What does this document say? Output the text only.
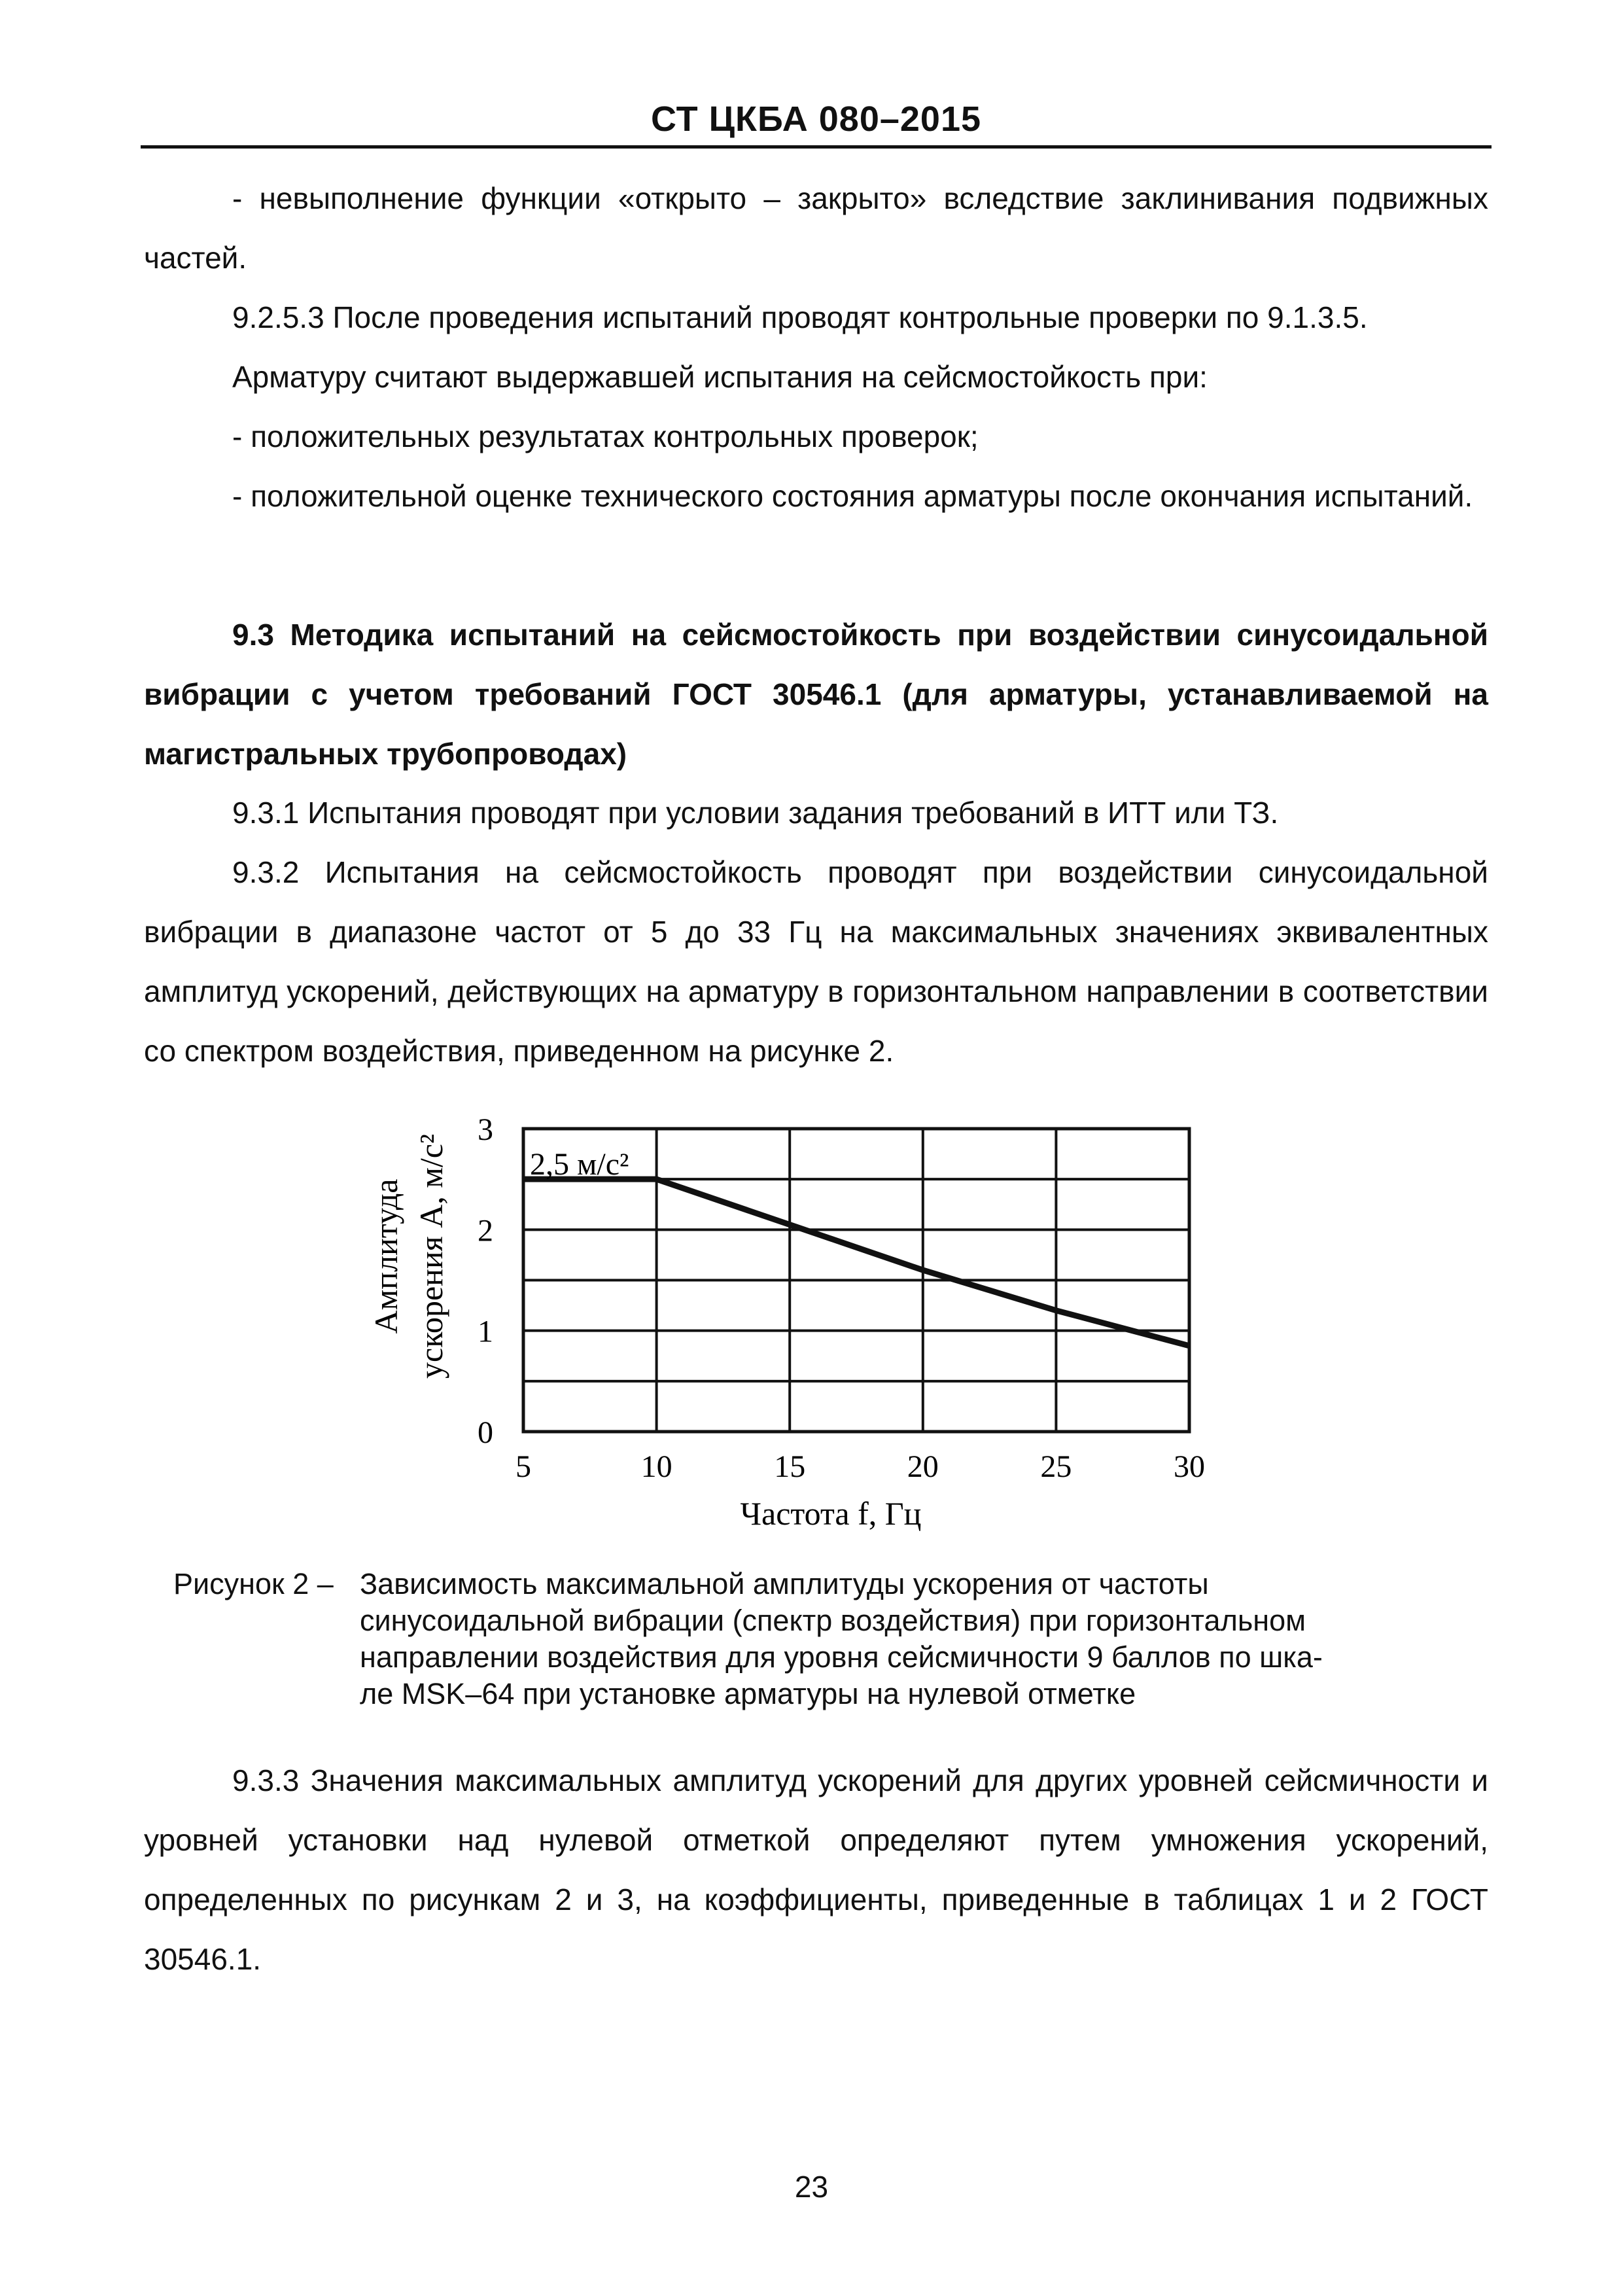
СТ ЦКБА 080–2015

- невыполнение функции «открыто – закрыто» вследствие заклинивания подвижных частей.

9.2.5.3 После проведения испытаний проводят контрольные проверки по 9.1.3.5.

Арматуру считают выдержавшей испытания на сейсмостойкость при:

- положительных результатах контрольных проверок;

- положительной оценке технического состояния арматуры после окончания испытаний.

9.3 Методика испытаний на сейсмостойкость при воздействии синусоидальной вибрации с учетом требований ГОСТ 30546.1 (для арматуры, устанавливаемой на магистральных трубопроводах)

9.3.1 Испытания проводят при условии задания требований в ИТТ или ТЗ.

9.3.2 Испытания на сейсмостойкость проводят при воздействии синусоидальной вибрации в диапазоне частот от 5 до 33 Гц на максимальных значениях эквивалентных амплитуд ускорений, действующих на арматуру в горизонтальном направлении в соответствии со спектром воздействия, приведенном на рисунке 2.

5	10	15	20	25	30
0
1
2
3
2,5 м/с²
Амплитуда ускорения A, м/с²
Частота f, Гц
Рисунок 2 – Зависимость максимальной амплитуды ускорения от частоты
синусоидальной вибрации (спектр воздействия) при горизонтальном
направлении воздействия для уровня сейсмичности 9 баллов по шка-
ле MSK–64 при установке арматуры на нулевой отметке

9.3.3 Значения максимальных амплитуд ускорений для других уровней сейсмичности и уровней установки над нулевой отметкой определяют путем умножения ускорений, определенных по рисункам 2 и 3, на коэффициенты, приведенные в таблицах 1 и 2 ГОСТ 30546.1.

23
